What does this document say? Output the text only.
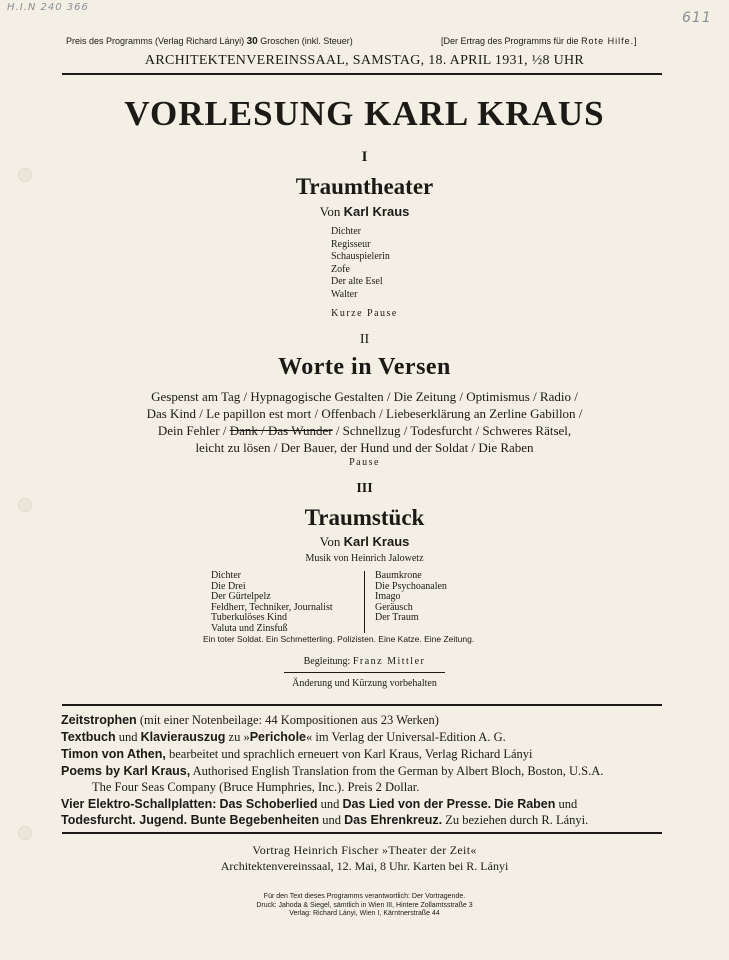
H.I.N 240 366
611
Preis des Programms (Verlag Richard Lányi) 30 Groschen (inkl. Steuer)	[Der Ertrag des Programms für die Rote Hilfe.]
ARCHITEKTENVEREINSSAAL, SAMSTAG, 18. APRIL 1931, ½8 UHR
VORLESUNG KARL KRAUS
I
Traumtheater
Von Karl Kraus
Dichter
Regisseur
Schauspielerin
Zofe
Der alte Esel
Walter
Kurze Pause
II
Worte in Versen
Gespenst am Tag / Hypnagogische Gestalten / Die Zeitung / Optimismus / Radio /
Das Kind / Le papillon est mort / Offenbach / Liebeserklärung an Zerline Gabillon /
Dein Fehler / Dank / Das Wunder / Schnellzug / Todesfurcht / Schweres Rätsel,
leicht zu lösen / Der Bauer, der Hund und der Soldat / Die Raben
Pause
III
Traumstück
Von Karl Kraus
Musik von Heinrich Jalowetz
Dichter
Die Drei
Der Gürtelpelz
Feldherr, Techniker, Journalist
Tuberkulöses Kind
Valuta und Zinsfuß
Baumkrone
Die Psychoanalen
Imago
Geräusch
Der Traum
Ein toter Soldat. Ein Schmetterling. Polizisten. Eine Katze. Eine Zeitung.
Begleitung: Franz Mittler
Änderung und Kürzung vorbehalten
Zeitstrophen (mit einer Notenbeilage: 44 Kompositionen aus 23 Werken)
Textbuch und Klavierauszug zu »Perichole« im Verlag der Universal-Edition A. G.
Timon von Athen, bearbeitet und sprachlich erneuert von Karl Kraus, Verlag Richard Lányi
Poems by Karl Kraus, Authorised English Translation from the German by Albert Bloch, Boston, U.S.A.
The Four Seas Company (Bruce Humphries, Inc.). Preis 2 Dollar.
Vier Elektro-Schallplatten: Das Schoberlied und Das Lied von der Presse. Die Raben und
Todesfurcht. Jugend. Bunte Begebenheiten und Das Ehrenkreuz. Zu beziehen durch R. Lányi.
Vortrag Heinrich Fischer »Theater der Zeit«
Architektenvereinssaal, 12. Mai, 8 Uhr. Karten bei R. Lányi
Für den Text dieses Programms verantwortlich: Der Vortragende.
Druck: Jahoda & Siegel, sämtlich in Wien III, Hintere Zollamtsstraße 3
Verlag: Richard Lányi, Wien I, Kärntnerstraße 44
